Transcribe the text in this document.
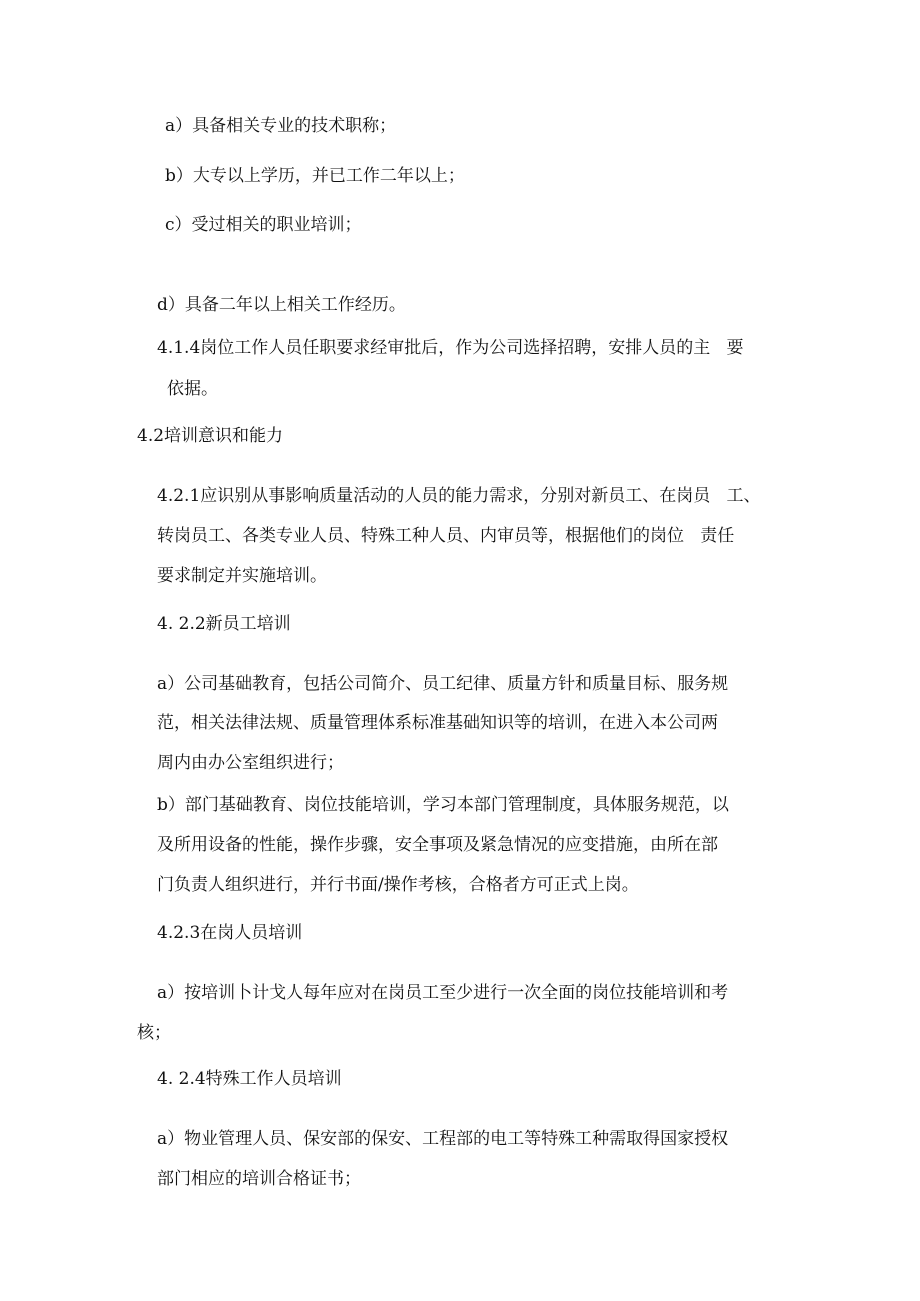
a）具备相关专业的技术职称；
b）大专以上学历，并已工作二年以上；
c）受过相关的职业培训；
d）具备二年以上相关工作经历。
4.1.4岗位工作人员任职要求经审批后，作为公司选择招聘，安排人员的主   要
依据。
4.2培训意识和能力
4.2.1应识别从事影响质量活动的人员的能力需求，分别对新员工、在岗员   工、
转岗员工、各类专业人员、特殊工种人员、内审员等，根据他们的岗位   责任
要求制定并实施培训。
4. 2.2新员工培训
a）公司基础教育，包括公司简介、员工纪律、质量方针和质量目标、服务规
范，相关法律法规、质量管理体系标准基础知识等的培训，在进入本公司两
周内由办公室组织进行；
b）部门基础教育、岗位技能培训，学习本部门管理制度，具体服务规范，以
及所用设备的性能，操作步骤，安全事项及紧急情况的应变措施，由所在部
门负责人组织进行，并行书面/操作考核，合格者方可正式上岗。
4.2.3在岗人员培训
a）按培训卜计戈人每年应对在岗员工至少进行一次全面的岗位技能培训和考
核；
4. 2.4特殊工作人员培训
a）物业管理人员、保安部的保安、工程部的电工等特殊工种需取得国家授权
部门相应的培训合格证书；
